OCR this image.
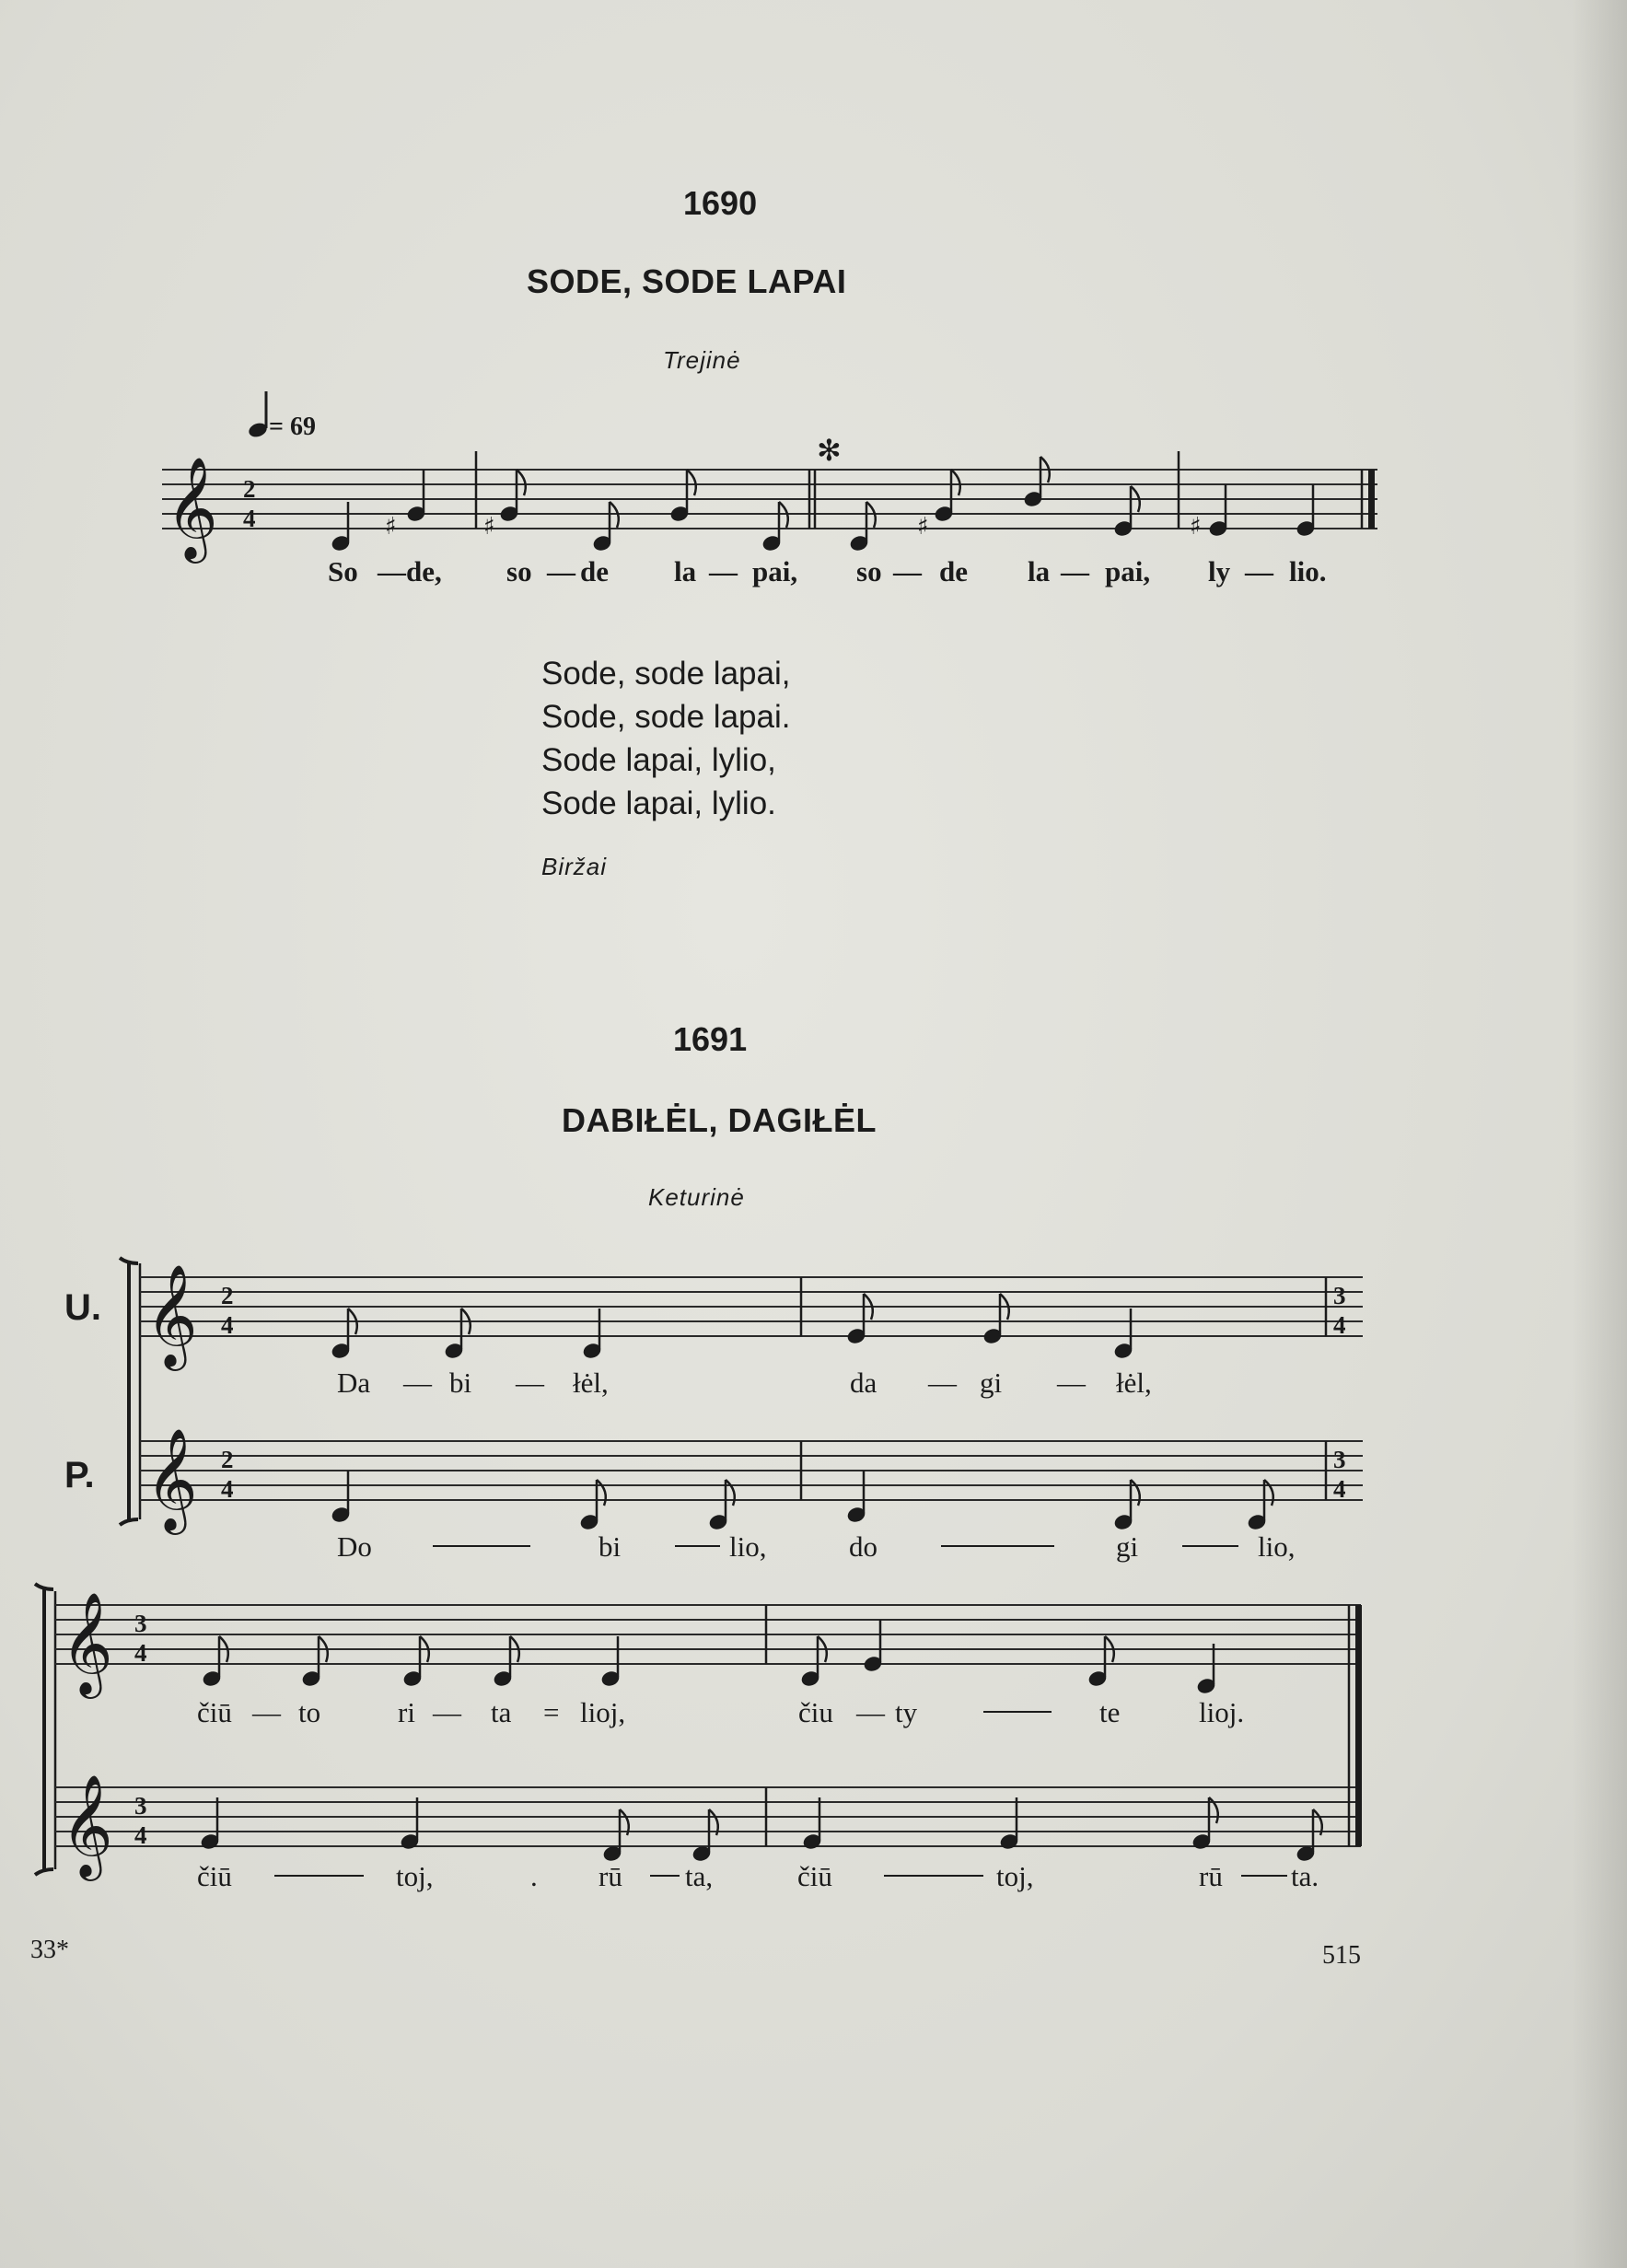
1690
SODE, SODE LAPAI
Trejinė
= 69
𝄞 2
4
✻
♯	♯	♯	♯
So — de, so — de la — pai, so — de la — pai, ly — lio.
Sode, sode lapai,
Sode, sode lapai.
Sode lapai, lylio,
Sode lapai, lylio.
Biržai
1691
DABIŁĖL, DAGIŁĖL
Keturinė
U.
P.
𝄞
𝄞
2
4
2
4
3
4
3
4
Da — bi — łėl,	da — gi — łėl,
Do	bi	lio,	do	gi	lio,
𝄞
𝄞
3
4
3
4
čiū — to	ri — ta = lioj,	čiu — ty	te	lioj.
čiū	toj,	. rū ta,	čiū	toj,	rū ta.
33*	515
